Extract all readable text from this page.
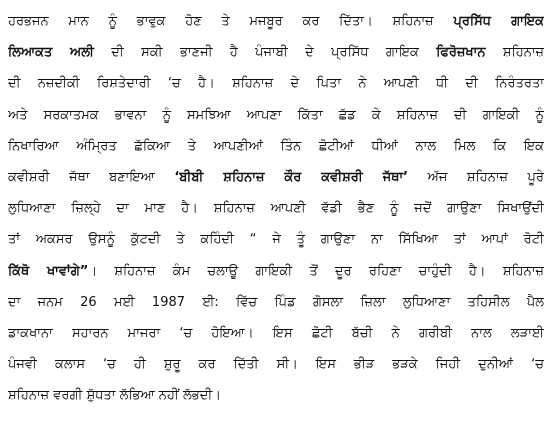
ਹਰਭਜਨ ਮਾਨ ਨੂੰ ਭਾਵੁਕ ਹੋਣ ਤੇ ਮਜਬੂਰ ਕਰ ਦਿੱਤਾ। ਸ਼ਹਿਨਾਜ਼ ਪ੍ਰਸਿੱਧ ਗਾਇਕ
ਲਿਆਕਤ ਅਲੀ ਦੀ ਸਕੀ ਭਾਣਜੀ ਹੈ ਪੰਜਾਬੀ ਦੇ ਪ੍ਰਸਿੱਧ ਗਾਇਕ ਫਿਰੋਜ਼ਖਾਨ ਸ਼ਹਿਨਾਜ਼
ਦੀ ਨਜ਼ਦੀਕੀ ਰਿਸ਼ਤੇਦਾਰੀ ‘ਚ ਹੈ। ਸ਼ਹਿਨਾਜ਼ ਦੇ ਪਿਤਾ ਨੇ ਆਪਣੀ ਧੀ ਦੀ ਨਿਰੰਤਰਤਾ
ਅਤੇ ਸਰਕਾਤਮਕ ਭਾਵਨਾ ਨੂੰ ਸਮਝਿਆ ਆਪਣਾ ਕਿੱਤਾ ਛੱਡ ਕੇ ਸ਼ਹਿਨਾਜ਼ ਦੀ ਗਾਇਕੀ ਨੂੰ
ਨਿਖਾਰਿਆ ਅੰਮ੍ਰਿਤ ਛੱਕਿਆ ਤੇ ਆਪਣੀਆਂ ਤਿੰਨ ਛੋਟੀਆਂ ਧੀਆਂ ਨਾਲ ਮਿਲ ਕਿ ਇਕ
ਕਵੀਸ਼ਰੀ ਜੱਥਾ ਬਣਾਇਆ ‘ਬੀਬੀ ਸ਼ਹਿਨਾਜ਼ ਕੌਰ ਕਵੀਸ਼ਰੀ ਜੱਥਾ’ ਅੱਜ ਸ਼ਹਿਨਾਜ਼ ਪੂਰੇ
ਲੁਧਿਆਣਾ ਜ਼ਿਲ੍ਹੇ ਦਾ ਮਾਣ ਹੈ। ਸ਼ਹਿਨਾਜ਼ ਆਪਣੀ ਵੱਡੀ ਭੈਣ ਨੂੰ ਜਦੋਂ ਗਾਉਣਾ ਸਿਖਾਉਂਦੀ
ਤਾਂ ਅਕਸਰ ਉਸਨੂੰ ਕੁੱਟਦੀ ਤੇ ਕਹਿੰਦੀ “ ਜੇ ਤੂੰ ਗਾਉਣਾ ਨਾ ਸਿੱਖਿਆ ਤਾਂ ਆਪਾਂ ਰੋਟੀ
ਕਿੱਥੋ ਖਾਵਾਂਗੇ”। ਸ਼ਹਿਨਾਜ਼ ਕੰਮ ਚਲਾਊ ਗਾਇਕੀ ਤੋਂ ਦੂਰ ਰਹਿਣਾ ਚਾਹੁੰਦੀ ਹੈ। ਸ਼ਹਿਨਾਜ਼
ਦਾ ਜਨਮ 26 ਮਈ 1987 ਈ: ਵਿੱਚ ਪਿੰਡ ਗੋਸਲਾ ਜ਼ਿਲਾ ਲੁਧਿਆਣਾ ਤਹਿਸੀਲ ਪੈਲ
ਡਾਕਖਾਨਾ ਸਹਾਰਨ ਮਾਜਰਾ ‘ਚ ਹੋਇਆ। ਇਸ ਛੋਟੀ ਬੱਚੀ ਨੇ ਗਰੀਬੀ ਨਾਲ ਲੜਾਈ
ਪੰਜਵੀ ਕਲਾਸ ‘ਚ ਹੀ ਸ਼ੁਰੂ ਕਰ ਦਿੱਤੀ ਸੀ। ਇਸ ਭੀੜ ਭੜਕੇ ਜਿਹੀ ਦੁਨੀਆਂ ‘ਚ
ਸ਼ਹਿਨਾਜ਼ ਵਰਗੀ ਸ਼ੁੱਧਤਾ ਲੱਭਿਆ ਨਹੀਂ ਲੱਭਦੀ।
